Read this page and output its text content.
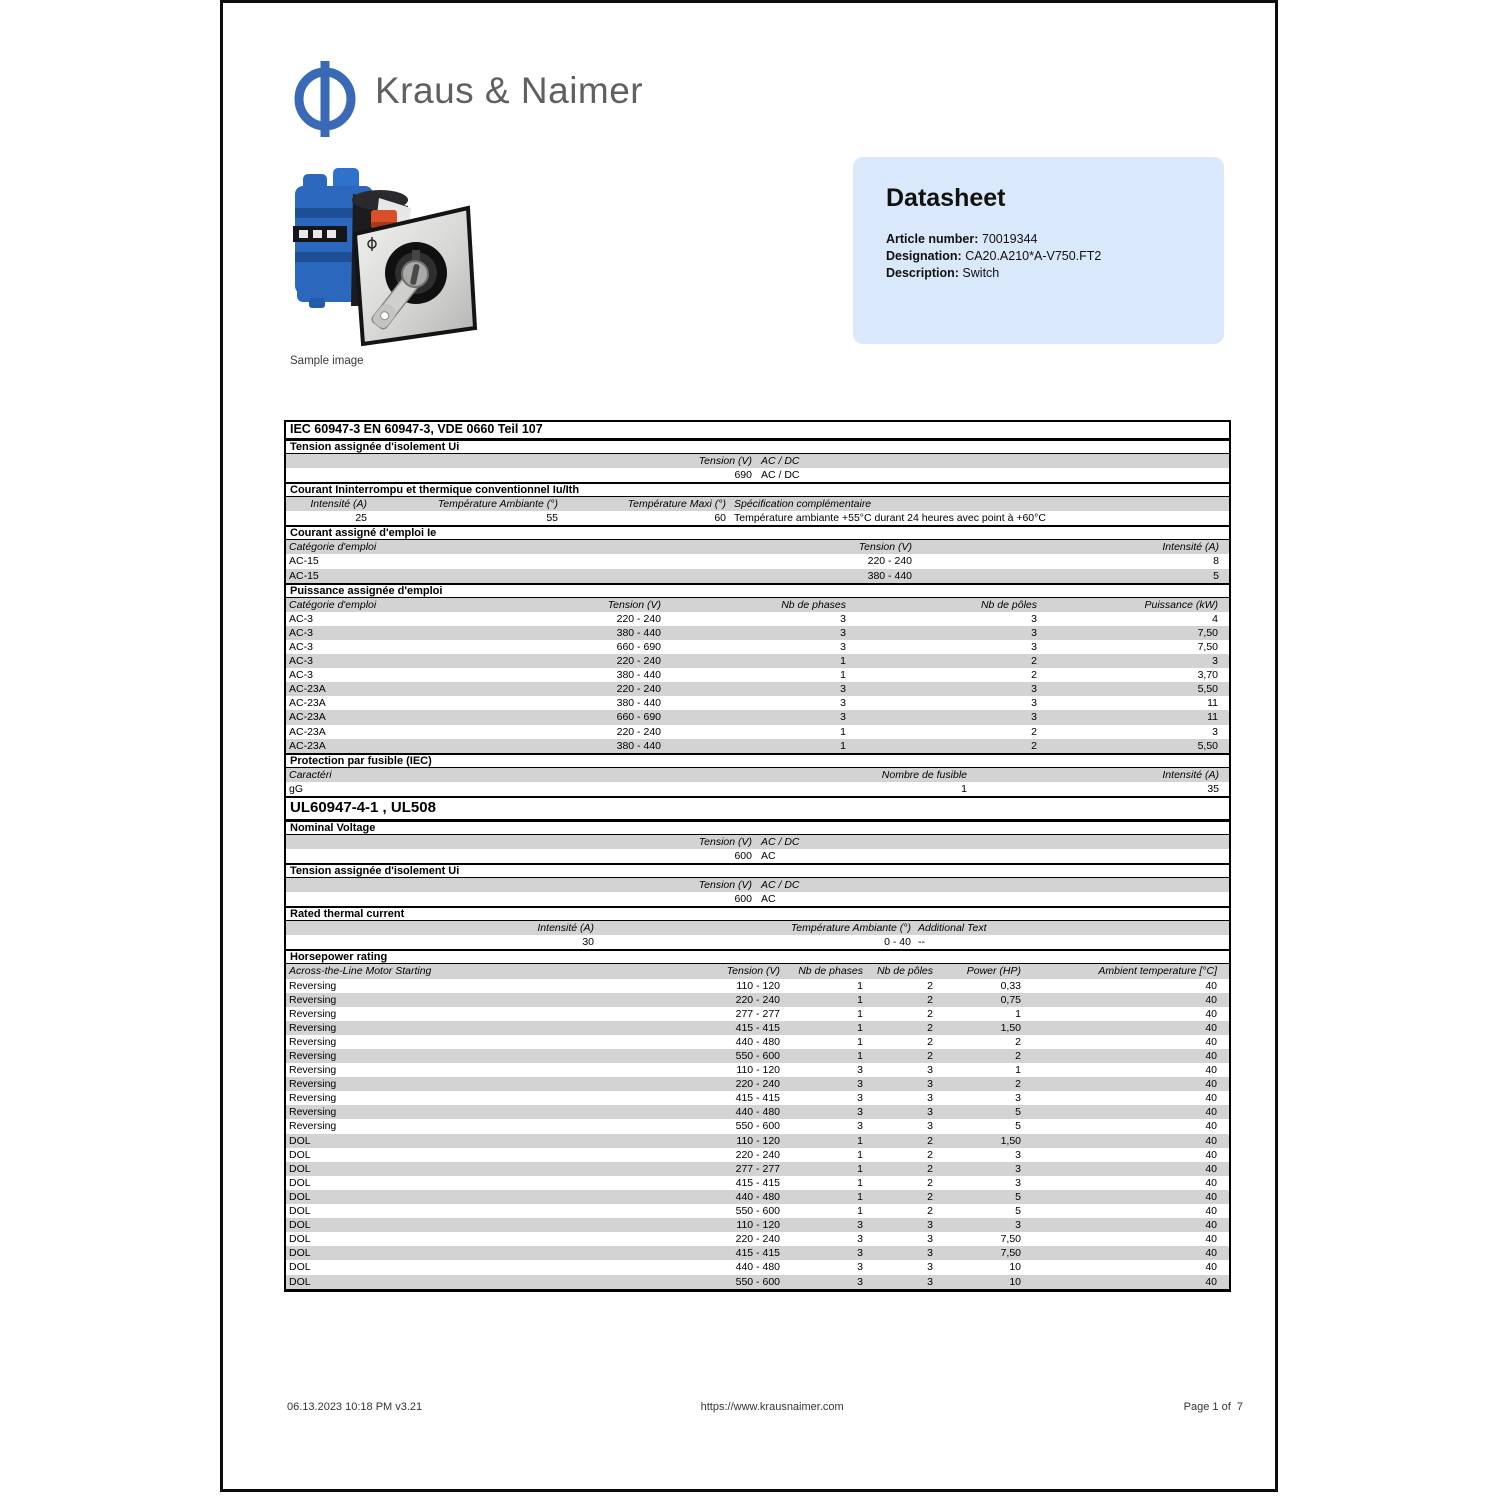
Kraus & Naimer
Sample image
Datasheet
Article number: 70019344
Designation: CA20.A210*A-V750.FT2
Description: Switch
IEC 60947-3 EN 60947-3, VDE 0660 Teil 107
Tension assignée d'isolement Ui
Tension (V) AC / DC
690 AC / DC
Courant Ininterrompu et thermique conventionnel Iu/Ith
Intensité (A)	Température Ambiante (°)	Température Maxi (°) Spécification complémentaire
25	55	60 Température ambiante +55°C durant 24 heures avec point à +60°C
Courant assigné d'emploi Ie
Catégorie d'emploi	Tension (V)	Intensité (A)
AC-15	220 - 240	8
AC-15	380 - 440	5
Puissance assignée d'emploi
Catégorie d'emploi	Tension (V)	Nb de phases	Nb de pôles	Puissance (kW)
AC-3	220 - 240	3	3	4
AC-3	380 - 440	3	3	7,50
AC-3	660 - 690	3	3	7,50
AC-3	220 - 240	1	2	3
AC-3	380 - 440	1	2	3,70
AC-23A	220 - 240	3	3	5,50
AC-23A	380 - 440	3	3	11
AC-23A	660 - 690	3	3	11
AC-23A	220 - 240	1	2	3
AC-23A	380 - 440	1	2	5,50
Protection par fusible (IEC)
Caractéri	Nombre de fusible	Intensité (A)
gG	1	35
UL60947-4-1 , UL508
Nominal Voltage
Tension (V) AC / DC
600 AC
Tension assignée d'isolement Ui
Tension (V) AC / DC
600 AC
Rated thermal current
Intensité (A)	Température Ambiante (°) Additional Text
30	0 - 40 --
Horsepower rating
Across-the-Line Motor Starting	Tension (V)	Nb de phases	Nb de pôles	Power (HP)	Ambient temperature [°C]
Reversing	110 - 120	1	2	0,33	40
Reversing	220 - 240	1	2	0,75	40
Reversing	277 - 277	1	2	1	40
Reversing	415 - 415	1	2	1,50	40
Reversing	440 - 480	1	2	2	40
Reversing	550 - 600	1	2	2	40
Reversing	110 - 120	3	3	1	40
Reversing	220 - 240	3	3	2	40
Reversing	415 - 415	3	3	3	40
Reversing	440 - 480	3	3	5	40
Reversing	550 - 600	3	3	5	40
DOL	110 - 120	1	2	1,50	40
DOL	220 - 240	1	2	3	40
DOL	277 - 277	1	2	3	40
DOL	415 - 415	1	2	3	40
DOL	440 - 480	1	2	5	40
DOL	550 - 600	1	2	5	40
DOL	110 - 120	3	3	3	40
DOL	220 - 240	3	3	7,50	40
DOL	415 - 415	3	3	7,50	40
DOL	440 - 480	3	3	10	40
DOL	550 - 600	3	3	10	40
06.13.2023 10:18 PM v3.21	https://www.krausnaimer.com	Page 1 of  7
